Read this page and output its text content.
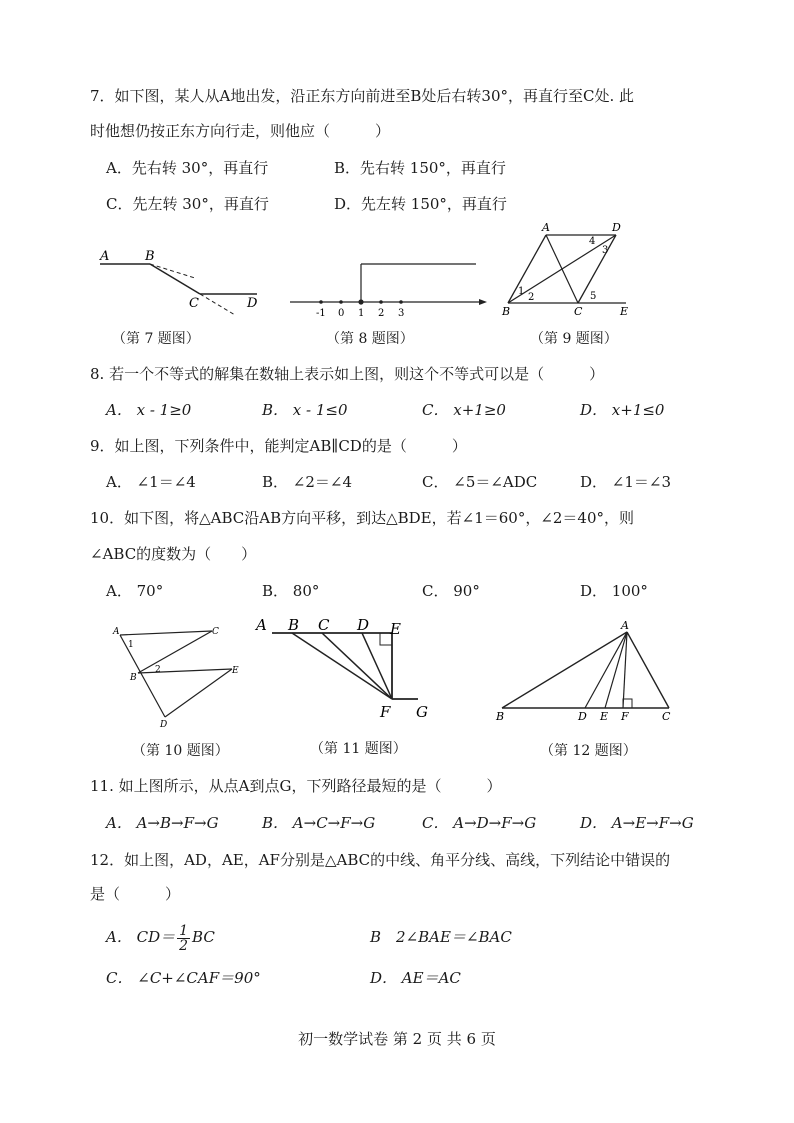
7．如下图，某人从A地出发，沿正东方向前进至B处后右转30°，再直行至C处. 此
时他想仍按正东方向行走，则他应（　　　）
A．先右转 30°，再直行	B．先右转 150°，再直行
C．先左转 30°，再直行	D．先左转 150°，再直行
A	B
C	D
（第 7 题图）
-1 0 1 2 3
（第 8 题图）
A	D
B	C	E
1
2
3
4
5
（第 9 题图）
8. 若一个不等式的解集在数轴上表示如上图，则这个不等式可以是（　　　）
A． x - 1≥0	B． x - 1≤0	C． x+1≥0	D． x+1≤0
9．如上图，下列条件中，能判定AB∥CD的是（　　　）
A． ∠1＝∠4	B． ∠2＝∠4	C． ∠5＝∠ADC	D． ∠1＝∠3
10．如下图，将△ABC沿AB方向平移，到达△BDE，若∠1＝60°，∠2＝40°，则
∠ABC的度数为（　　）
A． 70°	B． 80°	C． 90°	D． 100°
A	C
1
B
2	E
D
（第 10 题图）
A B C D E
F G
（第 11 题图）
A
B	D E F	C
（第 12 题图）
11. 如上图所示，从点A到点G，下列路径最短的是（　　　）
A． A→B→F→G	B． A→C→F→G	C． A→D→F→G	D． A→E→F→G
12．如上图，AD，AE，AF分别是△ABC的中线、角平分线、高线，下列结论中错误的
是（　　　）
A． $CD= \frac{1}{2}$ BC	B　2∠BAE＝∠BAC
C． ∠C+∠CAF＝90°	D． AE＝AC
初一数学试卷 第 2 页 共 6 页
